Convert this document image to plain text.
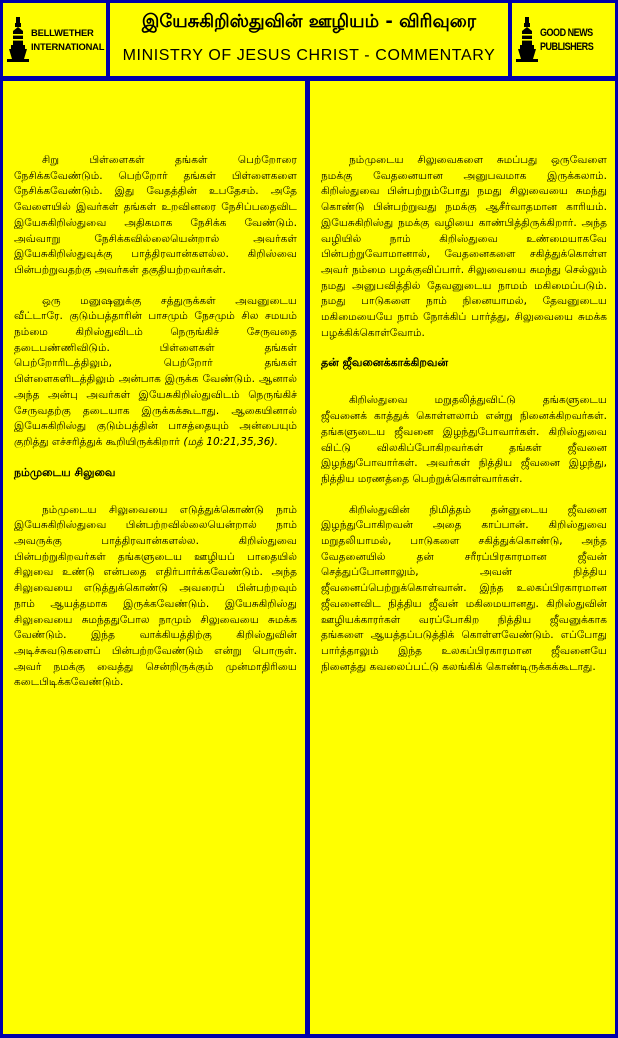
BELLWETHER
INTERNATIONAL
இயேசுகிறிஸ்துவின் ஊழியம் - விரிவுரை
MINISTRY OF JESUS CHRIST - COMMENTARY
GOOD NEWS
PUBLISHERS

சிறு பிள்ளைகள் தங்கள் பெற்றோரை நேசிக்கவேண்டும். பெற்றோர் தங்கள் பிள்ளைகளை நேசிக்கவேண்டும். இது வேதத்தின் உபதேசம். அதே வேளையில் இவர்கள் தங்கள் உறவினரை நேசிப்பதைவிட இயேசுகிறிஸ்துவை அதிகமாக நேசிக்க வேண்டும். அவ்வாறு நேசிக்கவில்லையென்றால் அவர்கள் இயேசுகிறிஸ்துவுக்கு பாத்திரவான்களல்ல. கிறிஸ்வை பின்பற்றுவதற்கு அவர்கள் தகுதியற்றவர்கள்.

ஒரு மனுஷனுக்கு சத்துருக்கள் அவனுடைய வீட்டாரே. குடும்பத்தாரின் பாசமும் நேசமும் சில சமயம் நம்மை கிறிஸ்துவிடம் நெருங்கிச் சேருவதை தடைபண்ணிவிடும். பிள்ளைகள் தங்கள் பெற்றோரிடத்திலும், பெற்றோர் தங்கள் பிள்ளைகளிடத்திலும் அன்பாக இருக்க வேண்டும். ஆனால் அந்த அன்பு அவர்கள் இயேசுகிறிஸ்துவிடம் நெருங்கிச் சேருவதற்கு தடையாக இருக்கக்கூடாது. ஆகையினால் இயேசுகிறிஸ்து குடும்பத்தின் பாசத்தையும் அன்பையும் குறித்து எச்சரித்துக் கூறியிருக்கிறார் (மத் 10:21,35,36).

நம்முடைய சிலுவை

நம்முடைய சிலுவையை எடுத்துக்கொண்டு நாம் இயேசுகிறிஸ்துவை பின்பற்றவில்லையென்றால் நாம் அவருக்கு பாத்திரவான்களல்ல. கிறிஸ்துவை பின்பற்றுகிறவர்கள் தங்களுடைய ஊழியப் பாதையில் சிலுவை உண்டு என்பதை எதிர்பார்க்கவேண்டும். அந்த சிலுவையை எடுத்துக்கொண்டு அவரைப் பின்பற்றவும் நாம் ஆயத்தமாக இருக்கவேண்டும். இயேசுகிறிஸ்து சிலுவையை சுமந்ததுபோல நாமும் சிலுவையை சுமக்க வேண்டும். இந்த வாக்கியத்திற்கு கிறிஸ்துவின் அடிச்சுவடுகளைப் பின்பற்றவேண்டும் என்று பொருள். அவர் நமக்கு வைத்து சென்றிருக்கும் முன்மாதிரியை கடைபிடிக்கவேண்டும்.

நம்முடைய சிலுவைகளை சுமப்பது ஒருவேளை நமக்கு வேதனையான அனுபவமாக இருக்கலாம். கிறிஸ்துவை பின்பற்றும்போது நமது சிலுவையை சுமந்து கொண்டு பின்பற்றுவது நமக்கு ஆசீர்வாதமான காரியம். இயேசுகிறிஸ்து நமக்கு வழியை காண்பித்திருக்கிறார். அந்த வழியில் நாம் கிறிஸ்துவை உண்மையாகவே பின்பற்றுவோமானால், வேதனைகளை சகித்துக்கொள்ள அவர் நம்மை பழக்குவிப்பார். சிலுவையை சுமந்து செல்லும் நமது அனுபவித்தில் தேவனுடைய நாமம் மகிமைப்படும். நமது பாடுகளை நாம் நினையாமல், தேவனுடைய மகிமையையே நாம் நோக்கிப் பார்த்து, சிலுவையை சுமக்க பழக்கிக்கொள்வோம்.

தன் ஜீவனைக்காக்கிறவன்

கிறிஸ்துவை மறுதலித்துவிட்டு தங்களுடைய ஜீவனைக் காத்துக் கொள்ளலாம் என்று நினைக்கிறவர்கள். தங்களுடைய ஜீவனை இழந்துபோவார்கள். கிறிஸ்துவை விட்டு விலகிப்போகிறவர்கள் தங்கள் ஜீவனை இழந்துபோவார்கள். அவர்கள் நித்திய ஜீவனை இழந்து, நித்திய மரணத்தை பெற்றுக்கொள்வார்கள்.

கிறிஸ்துவின் நிமித்தம் தன்னுடைய ஜீவனை இழந்துபோகிறவன் அதை காப்பான். கிறிஸ்துவை மறுதலியாமல், பாடுகளை சகித்துக்கொண்டு, அந்த வேதனையில் தன் சரீரப்பிரகாரமான ஜீவன் செத்துப்போனாலும், அவன் நித்திய ஜீவனைப்பெற்றுக்கொள்வான். இந்த உலகப்பிரகாரமான ஜீவனைவிட நித்திய ஜீவன் மகிமையானது. கிறிஸ்துவின் ஊழியக்காரர்கள் வரப்போகிற நித்திய ஜீவனுக்காக தங்களை ஆயத்தப்படுத்திக் கொள்ளவேண்டும். எப்போது பார்த்தாலும் இந்த உலகப்பிரகாரமான ஜீவனையே நினைத்து கவலைப்பட்டு கலங்கிக் கொண்டிருக்கக்கூடாது.
